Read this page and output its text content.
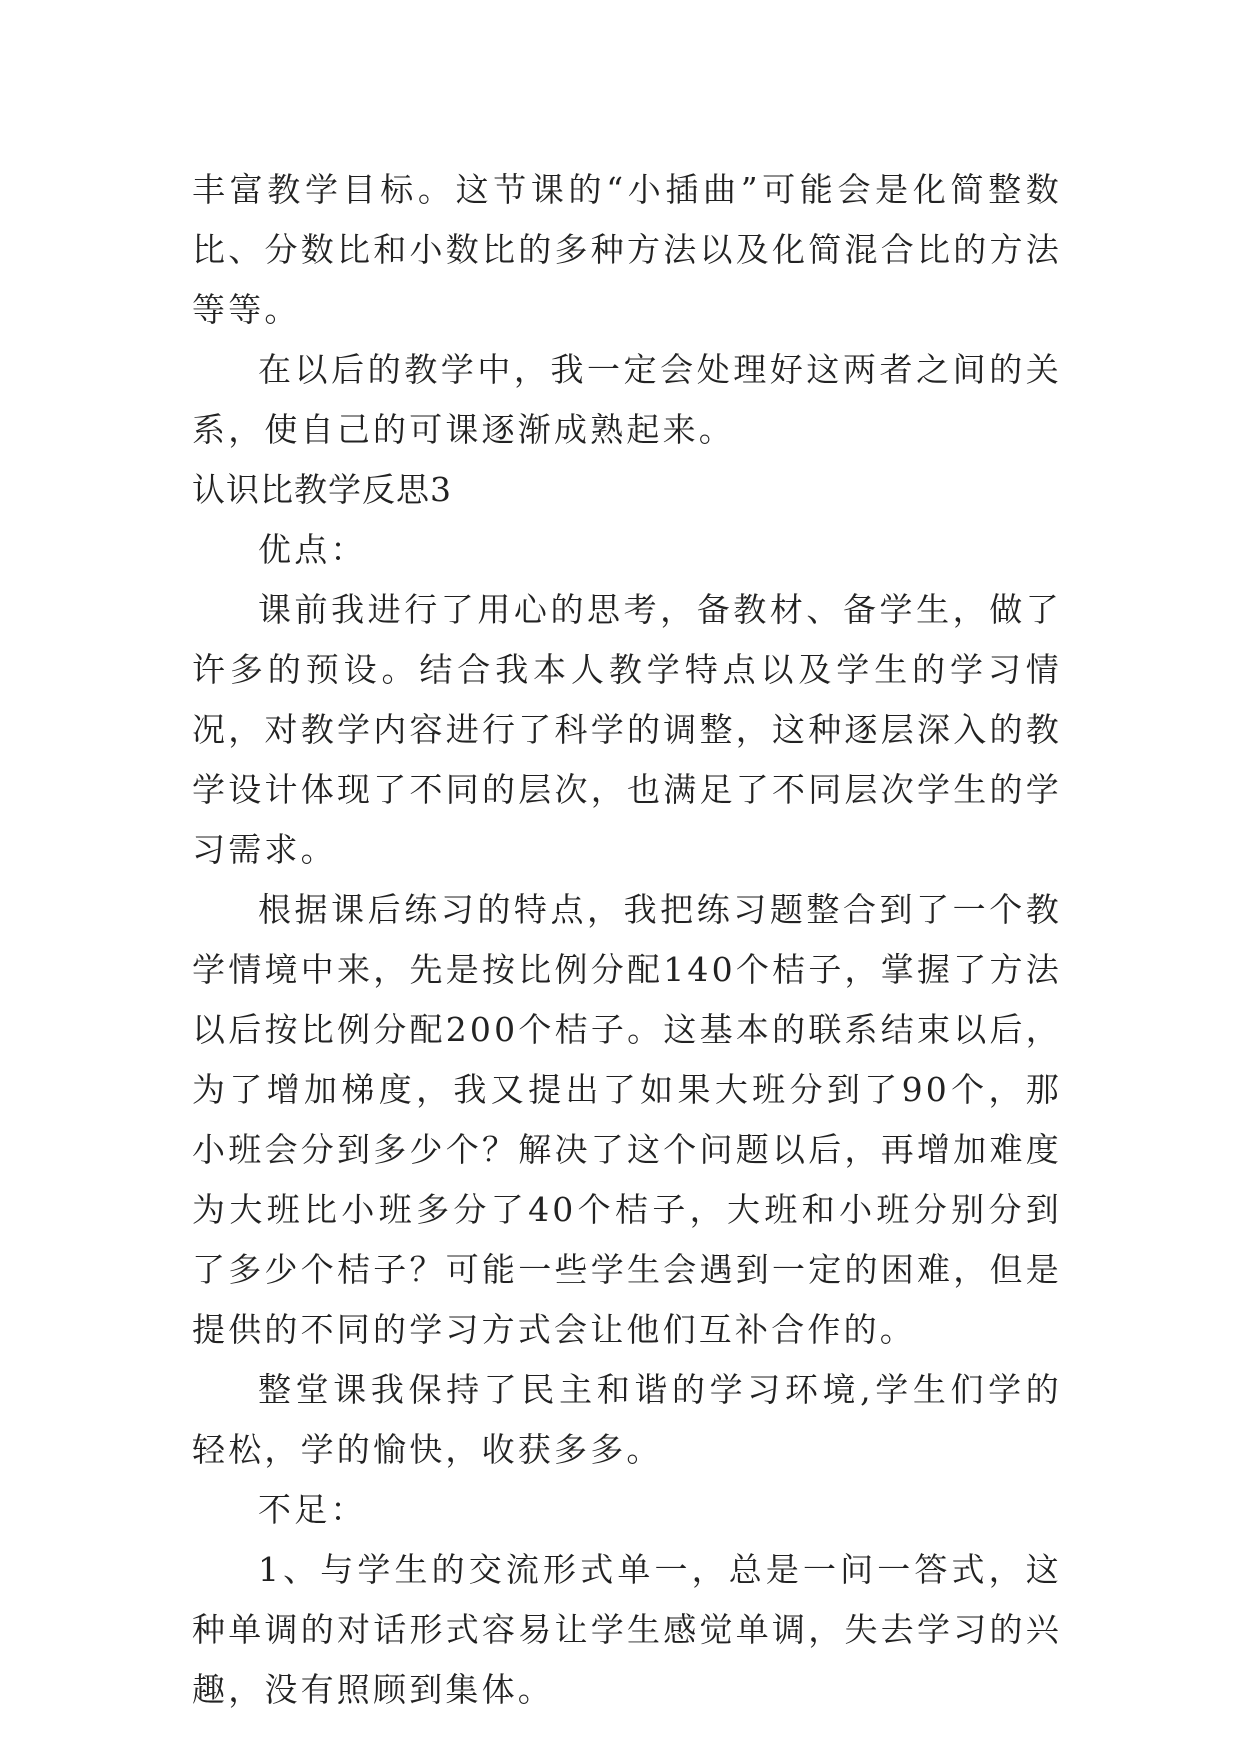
丰富教学目标。这节课的“小插曲”可能会是化简整数比、分数比和小数比的多种方法以及化简混合比的方法等等。

在以后的教学中，我一定会处理好这两者之间的关系，使自己的可课逐渐成熟起来。

认识比教学反思3

优点：

课前我进行了用心的思考，备教材、备学生，做了许多的预设。结合我本人教学特点以及学生的学习情况，对教学内容进行了科学的调整，这种逐层深入的教学设计体现了不同的层次，也满足了不同层次学生的学习需求。

根据课后练习的特点，我把练习题整合到了一个教学情境中来，先是按比例分配140个桔子，掌握了方法以后按比例分配200个桔子。这基本的联系结束以后，为了增加梯度，我又提出了如果大班分到了90个，那小班会分到多少个？解决了这个问题以后，再增加难度为大班比小班多分了40个桔子，大班和小班分别分到了多少个桔子？可能一些学生会遇到一定的困难，但是提供的不同的学习方式会让他们互补合作的。

整堂课我保持了民主和谐的学习环境,学生们学的轻松，学的愉快，收获多多。

不足：

1、与学生的交流形式单一，总是一问一答式，这种单调的对话形式容易让学生感觉单调，失去学习的兴趣，没有照顾到集体。
